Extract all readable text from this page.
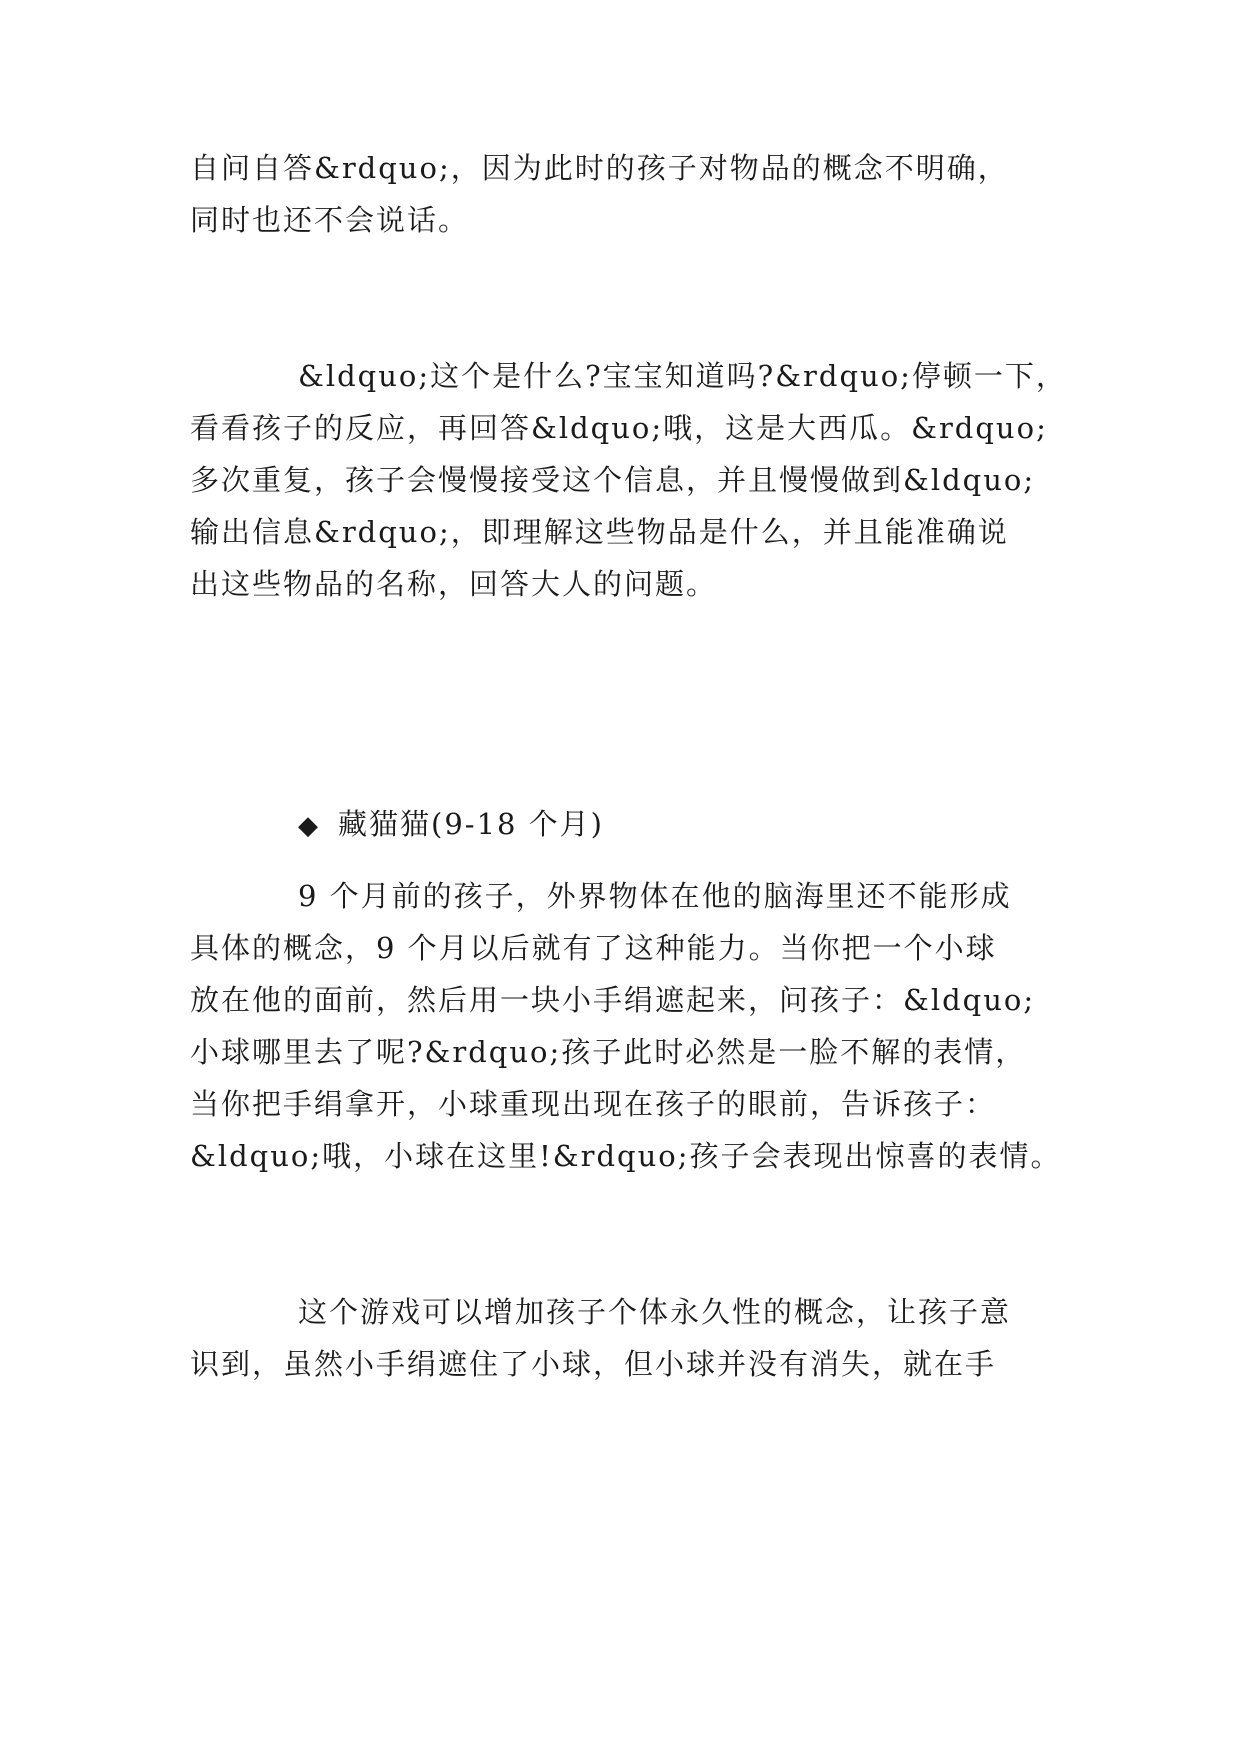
自问自答&rdquo;，因为此时的孩子对物品的概念不明确，
同时也还不会说话。
&ldquo;这个是什么?宝宝知道吗?&rdquo;停顿一下，
看看孩子的反应，再回答&ldquo;哦，这是大西瓜。&rdquo;
多次重复，孩子会慢慢接受这个信息，并且慢慢做到&ldquo;
输出信息&rdquo;，即理解这些物品是什么，并且能准确说
出这些物品的名称，回答大人的问题。
◆ 藏猫猫(9-18 个月)
9 个月前的孩子，外界物体在他的脑海里还不能形成
具体的概念，9 个月以后就有了这种能力。当你把一个小球
放在他的面前，然后用一块小手绢遮起来，问孩子：&ldquo;
小球哪里去了呢?&rdquo;孩子此时必然是一脸不解的表情，
当你把手绢拿开，小球重现出现在孩子的眼前，告诉孩子：
&ldquo;哦，小球在这里!&rdquo;孩子会表现出惊喜的表情。
这个游戏可以增加孩子个体永久性的概念，让孩子意
识到，虽然小手绢遮住了小球，但小球并没有消失，就在手
